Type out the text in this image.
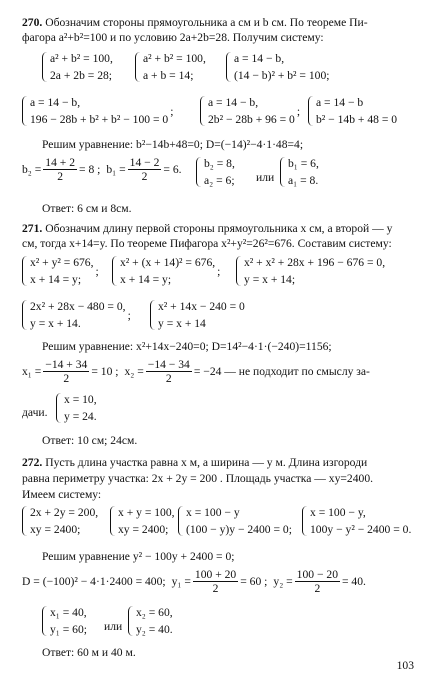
270. Обозначим стороны прямоугольника a см и b см. По теореме Пи-
фагора a²+b²=100 и по условию 2a+2b=28. Получим систему:
a² + b² = 100,
2a + 2b = 28;
a² + b² = 100,
a + b = 14;
a = 14 − b,
(14 − b)² + b² = 100;
a = 14 − b,
196 − 28b + b² + b² − 100 = 0
;
a = 14 − b,
2b² − 28b + 96 = 0
;
a = 14 − b
b² − 14b + 48 = 0
Решим уравнение: b²−14b+48=0; D=(−14)²−4·1·48=4;
$b_2 = \frac{14 + 2}{2} = 8$ ; $b_1 = \frac{14 - 2}{2} = 6$. b₂ = 8,
a₂ = 6; или
b₁ = 6,
a₁ = 8.
Ответ: 6 см и 8см.
271. Обозначим длину первой стороны прямоугольника x см, а второй — y
см, тогда x+14=y. По теореме Пифагора x²+y²=26²=676. Составим систему:
x² + y² = 676,
x + 14 = y;
;
x² + (x + 14)² = 676,
x + 14 = y;
;
x² + x² + 28x + 196 − 676 = 0,
y = x + 14;
2x² + 28x − 480 = 0,
y = x + 14.
;
x² + 14x − 240 = 0
y = x + 14
Решим уравнение: x²+14x−240=0; D=14²−4·1·(−240)=1156;
$x_1 = \frac{-14 + 34}{2} = 10$ ; $x_2 = \frac{-14 - 34}{2} = -24$ — не подходит по смыслу за-
дачи.
x = 10,
y = 24.
Ответ: 10 см; 24см.
272. Пусть длина участка равна x м, а ширина — y м. Длина изгороди
равна периметру участка: 2x + 2y = 200 . Площадь участка — xy=2400.
Имеем систему:
2x + 2y = 200,
xy = 2400;
x + y = 100,
xy = 2400;
x = 100 − y
(100 − y)y − 2400 = 0;
x = 100 − y,
100y − y² − 2400 = 0.
Решим уравнение y² − 100y + 2400 = 0;
D = (−100)² − 4·1·2400 = 400; $y_1 = \frac{100 + 20}{2} = 60$ ; $y_2 = \frac{100 - 20}{2} = 40$.
x₁ = 40,
y₁ = 60; или
x₂ = 60,
y₂ = 40.
Ответ: 60 м и 40 м.
103
